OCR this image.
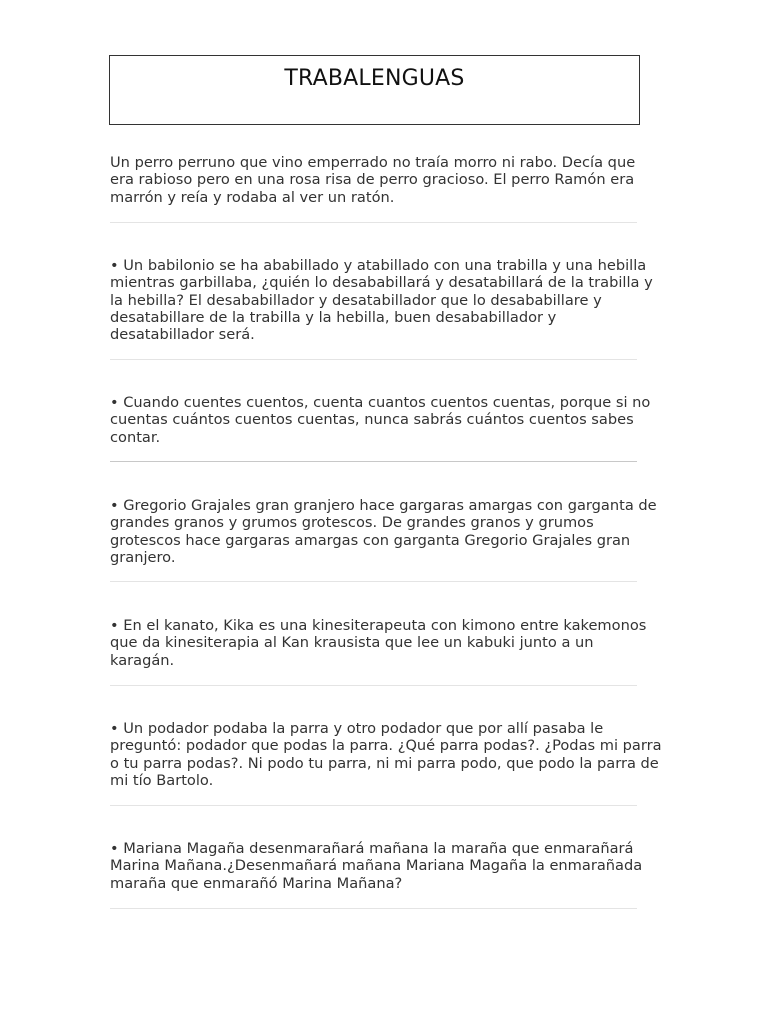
TRABALENGUAS

Un perro perruno que vino emperrado no traía morro ni rabo. Decía que era rabioso pero en una rosa risa de perro gracioso. El perro Ramón era marrón y reía y rodaba al ver un ratón.

• Un babilonio se ha ababillado y atabillado con una trabilla y una hebilla mientras garbillaba, ¿quién lo desababillará y desatabillará de la trabilla y la hebilla? El desababillador y desatabillador que lo desababillare y desatabillare de la trabilla y la hebilla, buen desababillador y desatabillador será.

• Cuando cuentes cuentos, cuenta cuantos cuentos cuentas, porque si no cuentas cuántos cuentos cuentas, nunca sabrás cuántos cuentos sabes contar.

• Gregorio Grajales gran granjero hace gargaras amargas con garganta de grandes granos y grumos grotescos. De grandes granos y grumos grotescos hace gargaras amargas con garganta Gregorio Grajales gran granjero.

• En el kanato, Kika es una kinesiterapeuta con kimono entre kakemonos que da kinesiterapia al Kan krausista que lee un kabuki junto a un karagán.

• Un podador podaba la parra y otro podador que por allí pasaba le preguntó: podador que podas la parra. ¿Qué parra podas?. ¿Podas mi parra o tu parra podas?. Ni podo tu parra, ni mi parra podo, que podo la parra de mi tío Bartolo.

• Mariana Magaña desenmarañará mañana la maraña que enmarañará Marina Mañana.¿Desenmañará mañana Mariana Magaña la enmarañada maraña que enmarañó Marina Mañana?
